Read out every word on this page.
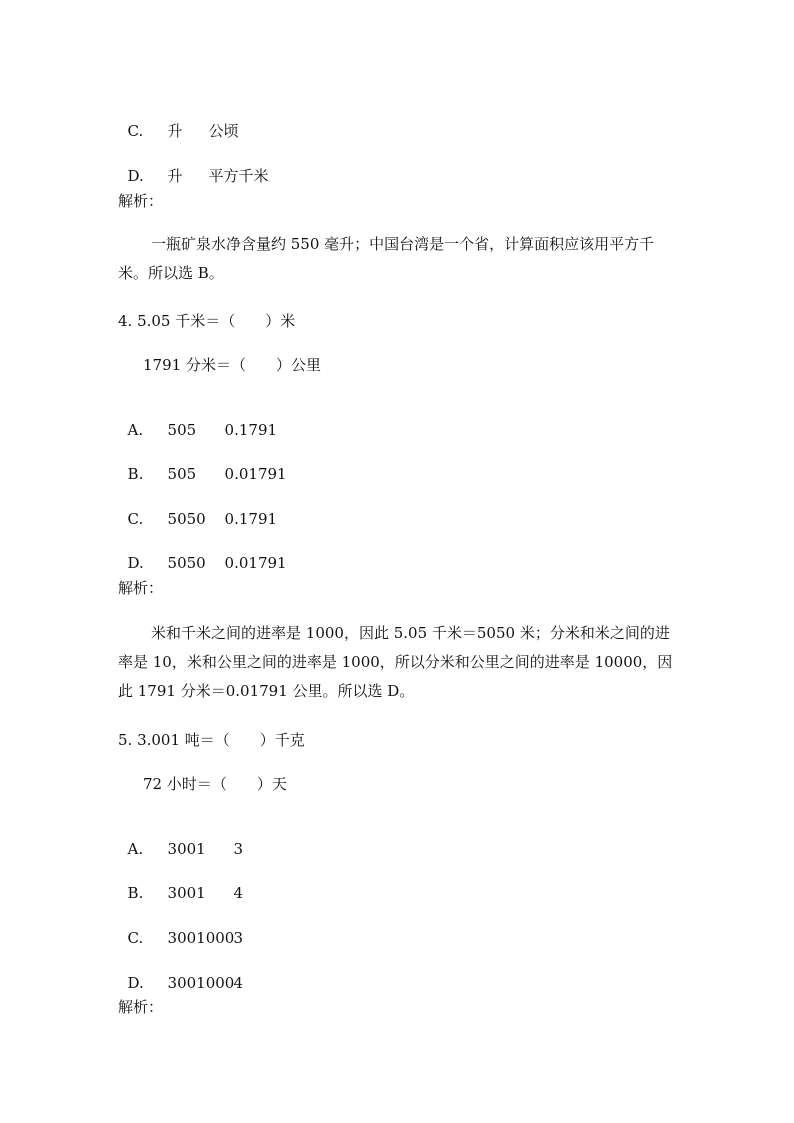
C. 升 公顷

D. 升 平方千米

解析：
一瓶矿泉水净含量约 550 毫升；中国台湾是一个省，计算面积应该用平方千米。所以选 B。
4. 5.05 千米＝（　　）米
1791 分米＝（　　）公里

A. 505 0.1791

B. 505 0.01791

C. 5050 0.1791

D. 5050 0.01791

解析：
米和千米之间的进率是 1000，因此 5.05 千米＝5050 米；分米和米之间的进率是 10，米和公里之间的进率是 1000，所以分米和公里之间的进率是 10000，因此 1791 分米＝0.01791 公里。所以选 D。
5. 3.001 吨＝（　　）千克
72 小时＝（　　）天

A. 3001 3

B. 3001 4

C. 30010003

D. 30010004

解析：
